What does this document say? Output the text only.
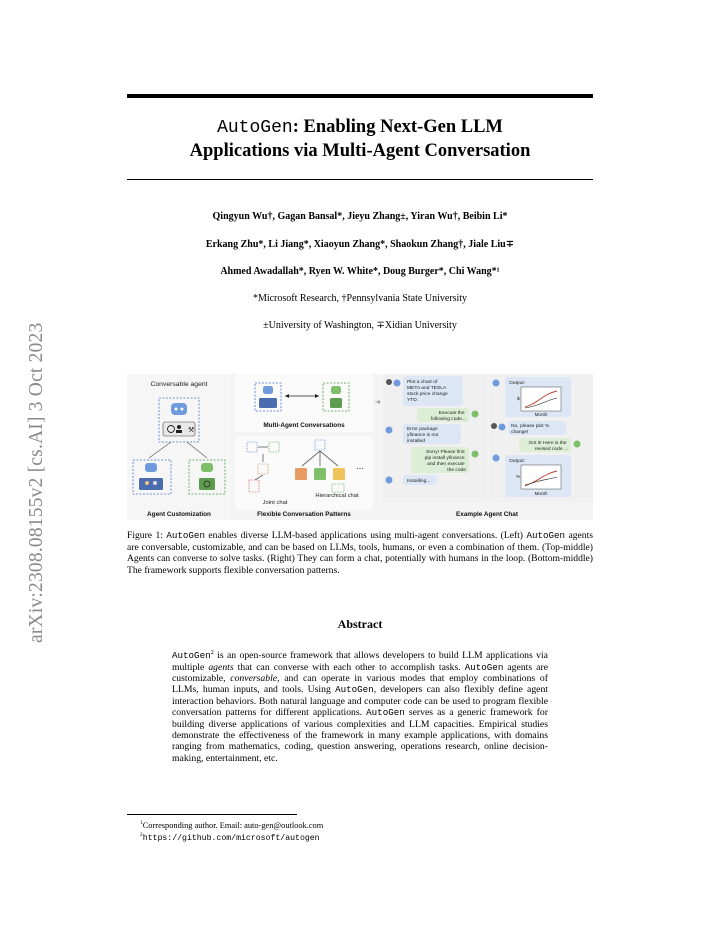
arXiv:2308.08155v2 [cs.AI] 3 Oct 2023
AutoGen: Enabling Next-Gen LLM
Applications via Multi-Agent Conversation
Qingyun Wu†, Gagan Bansal*, Jieyu Zhang±, Yiran Wu†, Beibin Li*
Erkang Zhu*, Li Jiang*, Xiaoyun Zhang*, Shaokun Zhang†, Jiale Liu∓
Ahmed Awadallah*, Ryen W. White*, Doug Burger*, Chi Wang*¹
*Microsoft Research, †Pennsylvania State University
±University of Washington, ∓Xidian University
Conversable agent
⚒
Agent Customization
Multi-Agent Conversations
Joint chat
...
Hierarchical chat
Flexible Conversation Patterns
➜
Plot a chart of META and TESLA stock price change YTD.
Execute the following code...
Error package yfinance is not installed
Sorry! Please first pip install yfinance and then execute the code
Installing...
Output:
$
Month
No, please plot % change!
Got it! Here is the revised code ...
Output:
%
Month
Example Agent Chat
Figure 1: AutoGen enables diverse LLM-based applications using multi-agent conversations. (Left) AutoGen agents are conversable, customizable, and can be based on LLMs, tools, humans, or even a combination of them. (Top-middle) Agents can converse to solve tasks. (Right) They can form a chat, potentially with humans in the loop. (Bottom-middle) The framework supports flexible conversation patterns.
Abstract
AutoGen$^2$ is an open-source framework that allows developers to build LLM applications via multiple agents that can converse with each other to accomplish tasks. AutoGen agents are customizable, conversable, and can operate in various modes that employ combinations of LLMs, human inputs, and tools. Using AutoGen, developers can also flexibly define agent interaction behaviors. Both natural language and computer code can be used to program flexible conversation patterns for different applications. AutoGen serves as a generic framework for building diverse applications of various complexities and LLM capacities. Empirical studies demonstrate the effectiveness of the framework in many example applications, with domains ranging from mathematics, coding, question answering, operations research, online decision-making, entertainment, etc.
$^1$Corresponding author. Email: auto-gen@outlook.com
$^2$https://github.com/microsoft/autogen
